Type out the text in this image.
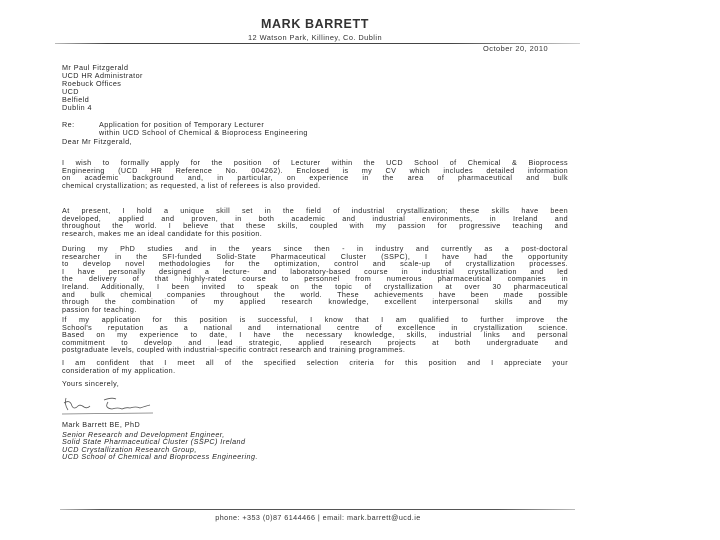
MARK BARRETT
12 Watson Park, Killiney, Co. Dublin
October 20, 2010
Mr Paul Fitzgerald
UCD HR Administrator
Roebuck Offices
UCD
Belfield
Dublin 4
Re:	Application for position of Temporary Lecturer
within UCD School of Chemical & Bioprocess Engineering
Dear Mr Fitzgerald,
I wish to formally apply for the position of Lecturer within the UCD School of Chemical & Bioprocess
Engineering (UCD HR Reference No. 004262). Enclosed is my CV which includes detailed information
on academic background and, in particular, on experience in the area of pharmaceutical and bulk
chemical crystallization; as requested, a list of referees is also provided.
At present, I hold a unique skill set in the field of industrial crystallization; these skills have been
developed, applied and proven, in both academic and industrial environments, in Ireland and
throughout the world. I believe that these skills, coupled with my passion for progressive teaching and
research, makes me an ideal candidate for this position.
During my PhD studies and in the years since then - in industry and currently as a post-doctoral
researcher in the SFI-funded Solid-State Pharmaceutical Cluster (SSPC), I have had the opportunity
to develop novel methodologies for the optimization, control and scale-up of crystallization processes.
I have personally designed a lecture- and laboratory-based course in industrial crystallization and led
the delivery of that highly-rated course to personnel from numerous pharmaceutical companies in
Ireland. Additionally, I been invited to speak on the topic of crystallization at over 30 pharmaceutical
and bulk chemical companies throughout the world. These achievements have been made possible
through the combination of my applied research knowledge, excellent interpersonal skills and my
passion for teaching.
If my application for this position is successful, I know that I am qualified to further improve the
School's reputation as a national and international centre of excellence in crystallization science.
Based on my experience to date, I have the necessary knowledge, skills, industrial links and personal
commitment to develop and lead strategic, applied research projects at both undergraduate and
postgraduate levels, coupled with industrial-specific contract research and training programmes.
I am confident that I meet all of the specified selection criteria for this position and I appreciate your
consideration of my application.
Yours sincerely,
Mark Barrett BE, PhD
Senior Research and Development Engineer,
Solid State Pharmaceutical Cluster (SSPC) Ireland
UCD Crystallization Research Group,
UCD School of Chemical and Bioprocess Engineering.
phone: +353 (0)87 6144466 | email: mark.barrett@ucd.ie
